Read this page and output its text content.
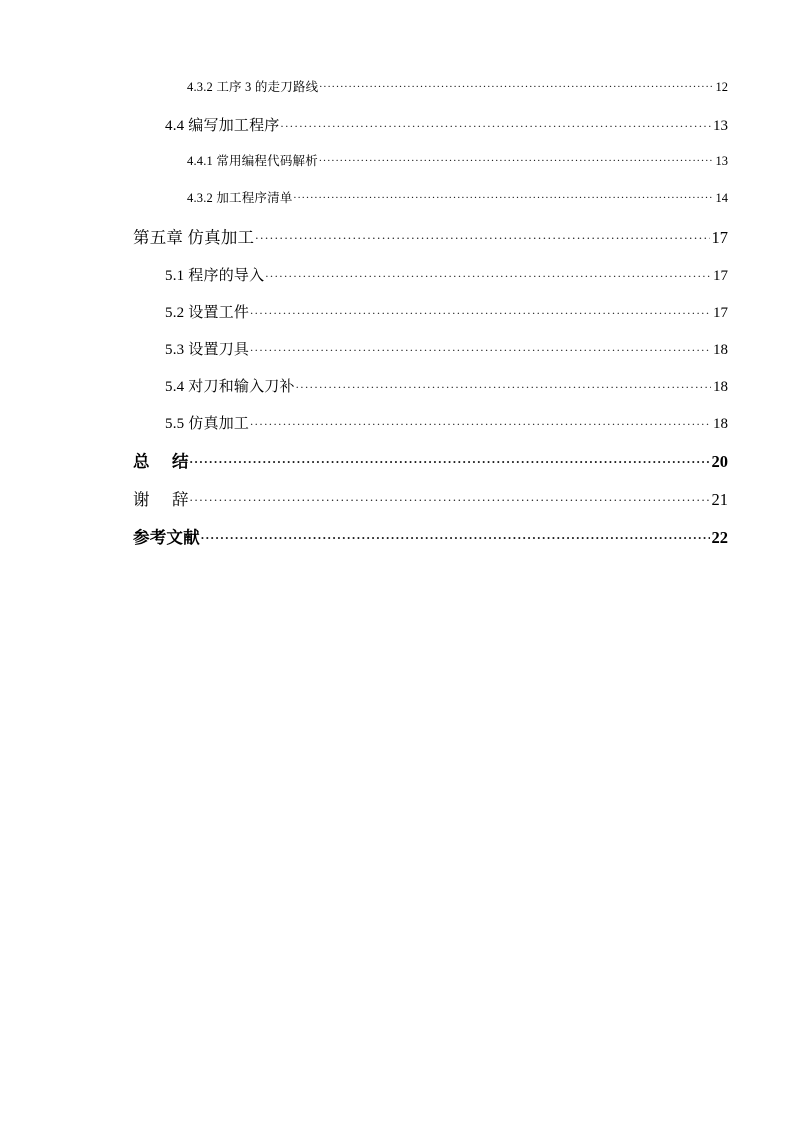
4.3.2 工序 3 的走刀路线 .....	12
4.4 编写加工程序 .....	13
4.4.1 常用编程代码解析 .....	13
4.3.2 加工程序清单 .....	14
第五章 仿真加工 .....	17
5.1 程序的导入 .....	17
5.2 设置工件 .....	17
5.3 设置刀具 .....	18
5.4 对刀和输入刀补 .....	18
5.5 仿真加工 .....	18
总 结 .....	20
谢 辞 .....	21
参考文献 .....	22
